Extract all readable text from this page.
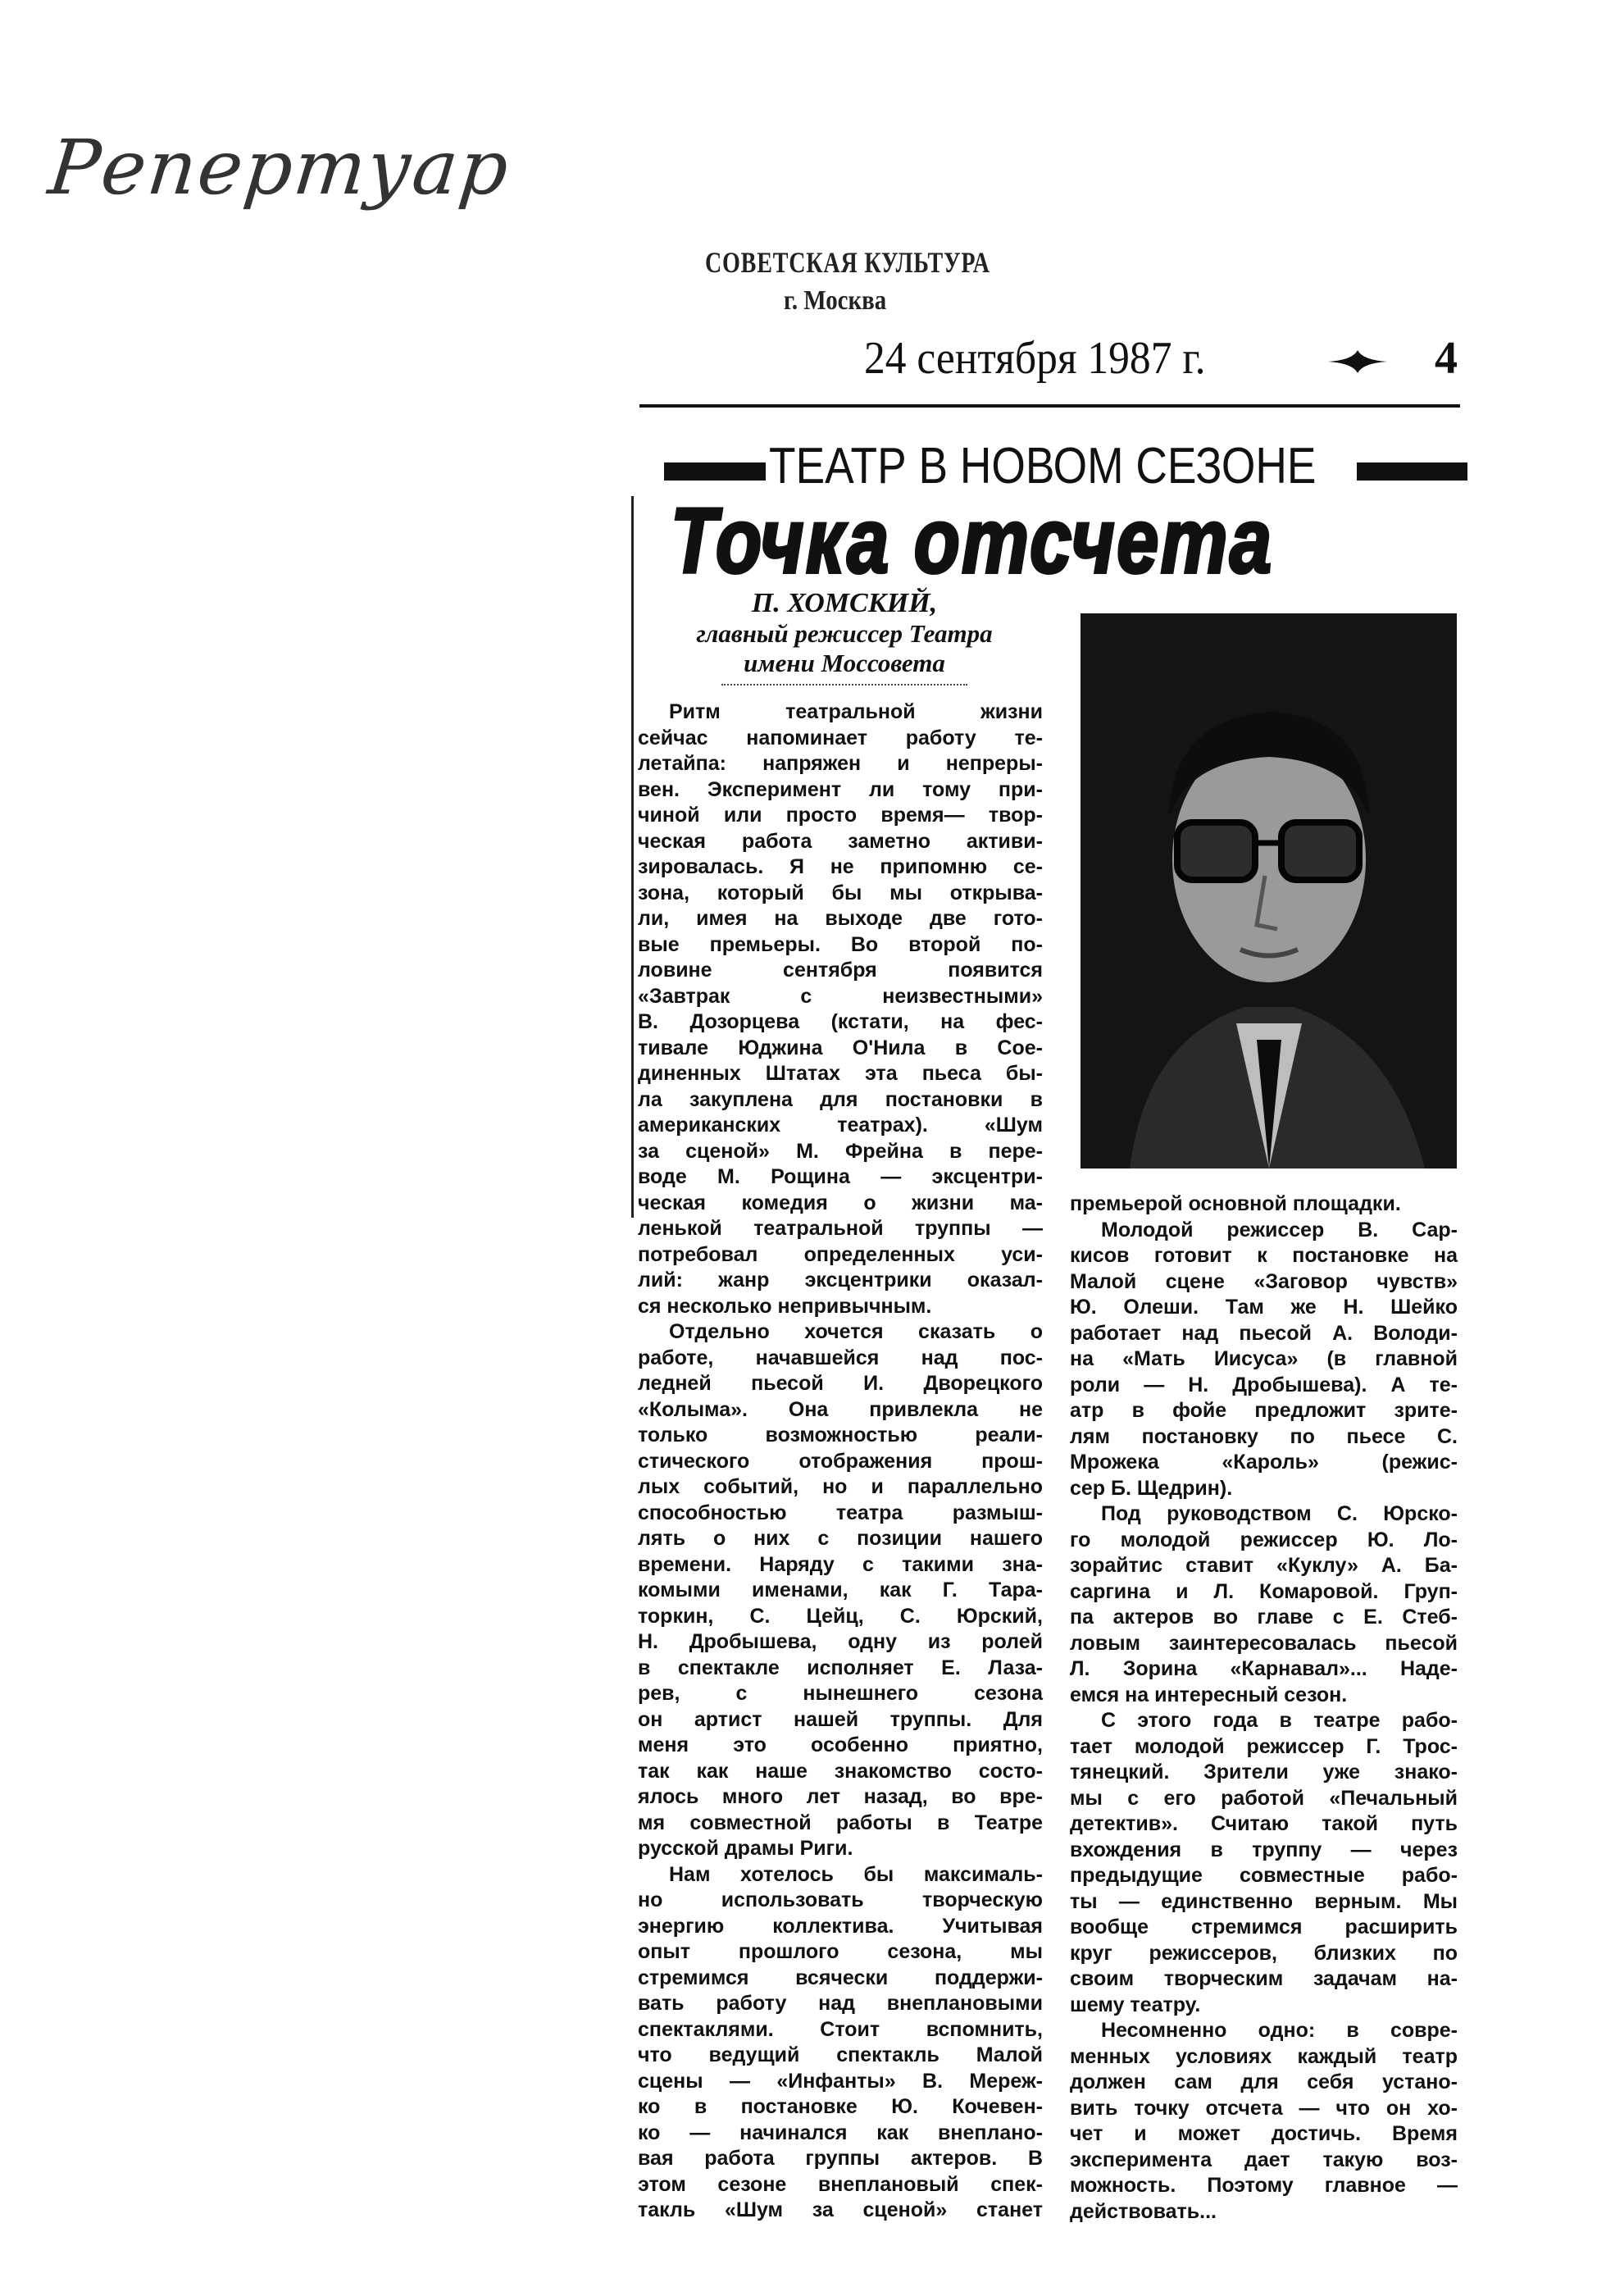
Репертуар
СОВЕТСКАЯ КУЛЬТУРА
г. Москва
24 сентября 1987 г.	4
ТЕАТР В НОВОМ СЕЗОНЕ
Точка отсчета
П. ХОМСКИЙ,
главный режиссер Театра
имени Моссовета
Ритм театральной жизни
сейчас напоминает работу те-
летайпа: напряжен и непреры-
вен. Эксперимент ли тому при-
чиной или просто время— твор-
ческая работа заметно активи-
зировалась. Я не припомню се-
зона, который бы мы открыва-
ли, имея на выходе две гото-
вые премьеры. Во второй по-
ловине сентября появится
«Завтрак с неизвестными»
В. Дозорцева (кстати, на фес-
тивале Юджина О'Нила в Сое-
диненных Штатах эта пьеса бы-
ла закуплена для постановки в
американских театрах). «Шум
за сценой» М. Фрейна в пере-
воде М. Рощина — эксцентри-
ческая комедия о жизни ма-
ленькой театральной труппы —
потребовал определенных уси-
лий: жанр эксцентрики оказал-
ся несколько непривычным.
Отдельно хочется сказать о
работе, начавшейся над пос-
ледней пьесой И. Дворецкого
«Колыма». Она привлекла не
только возможностью реали-
стического отображения прош-
лых событий, но и параллельно
способностью театра размыш-
лять о них с позиции нашего
времени. Наряду с такими зна-
комыми именами, как Г. Тара-
торкин, С. Цейц, С. Юрский,
Н. Дробышева, одну из ролей
в спектакле исполняет Е. Лаза-
рев, с нынешнего сезона
он артист нашей труппы. Для
меня это особенно приятно,
так как наше знакомство состо-
ялось много лет назад, во вре-
мя совместной работы в Театре
русской драмы Риги.
Нам хотелось бы максималь-
но использовать творческую
энергию коллектива. Учитывая
опыт прошлого сезона, мы
стремимся всячески поддержи-
вать работу над внеплановыми
спектаклями. Стоит вспомнить,
что ведущий спектакль Малой
сцены — «Инфанты» В. Мереж-
ко в постановке Ю. Кочевен-
ко — начинался как внеплано-
вая работа группы актеров. В
этом сезоне внеплановый спек-
такль «Шум за сценой» станет
премьерой основной площадки.
Молодой режиссер В. Сар-
кисов готовит к постановке на
Малой сцене «Заговор чувств»
Ю. Олеши. Там же Н. Шейко
работает над пьесой А. Володи-
на «Мать Иисуса» (в главной
роли — Н. Дробышева). А те-
атр в фойе предложит зрите-
лям постановку по пьесе С.
Мрожека «Кароль» (режис-
сер Б. Щедрин).
Под руководством С. Юрско-
го молодой режиссер Ю. Ло-
зорайтис ставит «Куклу» А. Ба-
саргина и Л. Комаровой. Груп-
па актеров во главе с Е. Стеб-
ловым заинтересовалась пьесой
Л. Зорина «Карнавал»... Наде-
емся на интересный сезон.
С этого года в театре рабо-
тает молодой режиссер Г. Трос-
тянецкий. Зрители уже знако-
мы с его работой «Печальный
детектив». Считаю такой путь
вхождения в труппу — через
предыдущие совместные рабо-
ты — единственно верным. Мы
вообще стремимся расширить
круг режиссеров, близких по
своим творческим задачам на-
шему театру.
Несомненно одно: в совре-
менных условиях каждый театр
должен сам для себя устано-
вить точку отсчета — что он хо-
чет и может достичь. Время
эксперимента дает такую воз-
можность. Поэтому главное —
действовать...
